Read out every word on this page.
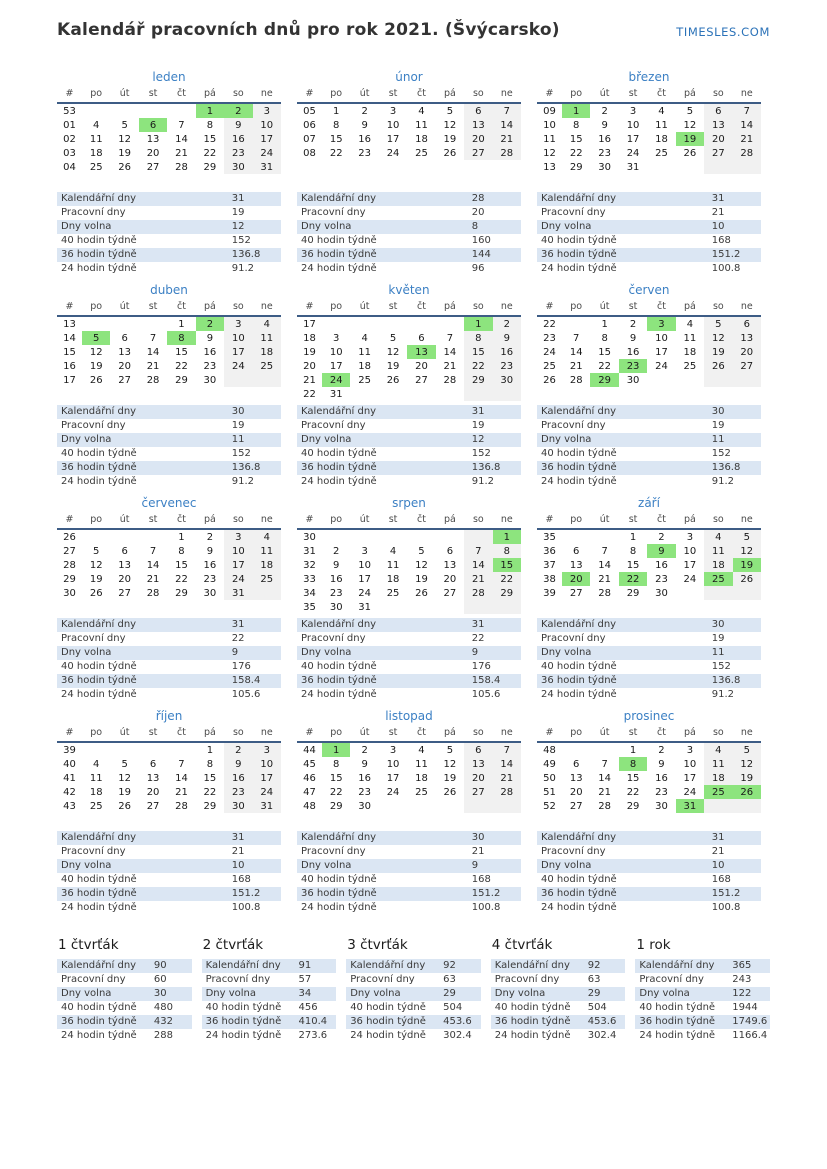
Kalendář pracovních dnů pro rok 2021. (Švýcarsko)	TIMESLES.COM
leden
#	po	út	st	čt	pá	so	ne
53					1	2	3
01	4	5	6	7	8	9	10
02	11	12	13	14	15	16	17
03	18	19	20	21	22	23	24
04	25	26	27	28	29	30	31
Kalendářní dny	31
Pracovní dny	19
Dny volna	12
40 hodin týdně	152
36 hodin týdně	136.8
24 hodin týdně	91.2
únor
#	po	út	st	čt	pá	so	ne
05	1	2	3	4	5	6	7
06	8	9	10	11	12	13	14
07	15	16	17	18	19	20	21
08	22	23	24	25	26	27	28
Kalendářní dny	28
Pracovní dny	20
Dny volna	8
40 hodin týdně	160
36 hodin týdně	144
24 hodin týdně	96
březen
#	po	út	st	čt	pá	so	ne
09	1	2	3	4	5	6	7
10	8	9	10	11	12	13	14
11	15	16	17	18	19	20	21
12	22	23	24	25	26	27	28
13	29	30	31				
Kalendářní dny	31
Pracovní dny	21
Dny volna	10
40 hodin týdně	168
36 hodin týdně	151.2
24 hodin týdně	100.8
duben
#	po	út	st	čt	pá	so	ne
13				1	2	3	4
14	5	6	7	8	9	10	11
15	12	13	14	15	16	17	18
16	19	20	21	22	23	24	25
17	26	27	28	29	30		
Kalendářní dny	30
Pracovní dny	19
Dny volna	11
40 hodin týdně	152
36 hodin týdně	136.8
24 hodin týdně	91.2
květen
#	po	út	st	čt	pá	so	ne
17						1	2
18	3	4	5	6	7	8	9
19	10	11	12	13	14	15	16
20	17	18	19	20	21	22	23
21	24	25	26	27	28	29	30
22	31						
Kalendářní dny	31
Pracovní dny	19
Dny volna	12
40 hodin týdně	152
36 hodin týdně	136.8
24 hodin týdně	91.2
červen
#	po	út	st	čt	pá	so	ne
22		1	2	3	4	5	6
23	7	8	9	10	11	12	13
24	14	15	16	17	18	19	20
25	21	22	23	24	25	26	27
26	28	29	30				
Kalendářní dny	30
Pracovní dny	19
Dny volna	11
40 hodin týdně	152
36 hodin týdně	136.8
24 hodin týdně	91.2
červenec
#	po	út	st	čt	pá	so	ne
26				1	2	3	4
27	5	6	7	8	9	10	11
28	12	13	14	15	16	17	18
29	19	20	21	22	23	24	25
30	26	27	28	29	30	31	
Kalendářní dny	31
Pracovní dny	22
Dny volna	9
40 hodin týdně	176
36 hodin týdně	158.4
24 hodin týdně	105.6
srpen
#	po	út	st	čt	pá	so	ne
30							1
31	2	3	4	5	6	7	8
32	9	10	11	12	13	14	15
33	16	17	18	19	20	21	22
34	23	24	25	26	27	28	29
35	30	31					
Kalendářní dny	31
Pracovní dny	22
Dny volna	9
40 hodin týdně	176
36 hodin týdně	158.4
24 hodin týdně	105.6
září
#	po	út	st	čt	pá	so	ne
35			1	2	3	4	5
36	6	7	8	9	10	11	12
37	13	14	15	16	17	18	19
38	20	21	22	23	24	25	26
39	27	28	29	30			
Kalendářní dny	30
Pracovní dny	19
Dny volna	11
40 hodin týdně	152
36 hodin týdně	136.8
24 hodin týdně	91.2
říjen
#	po	út	st	čt	pá	so	ne
39					1	2	3
40	4	5	6	7	8	9	10
41	11	12	13	14	15	16	17
42	18	19	20	21	22	23	24
43	25	26	27	28	29	30	31
Kalendářní dny	31
Pracovní dny	21
Dny volna	10
40 hodin týdně	168
36 hodin týdně	151.2
24 hodin týdně	100.8
listopad
#	po	út	st	čt	pá	so	ne
44	1	2	3	4	5	6	7
45	8	9	10	11	12	13	14
46	15	16	17	18	19	20	21
47	22	23	24	25	26	27	28
48	29	30					
Kalendářní dny	30
Pracovní dny	21
Dny volna	9
40 hodin týdně	168
36 hodin týdně	151.2
24 hodin týdně	100.8
prosinec
#	po	út	st	čt	pá	so	ne
48			1	2	3	4	5
49	6	7	8	9	10	11	12
50	13	14	15	16	17	18	19
51	20	21	22	23	24	25	26
52	27	28	29	30	31		
Kalendářní dny	31
Pracovní dny	21
Dny volna	10
40 hodin týdně	168
36 hodin týdně	151.2
24 hodin týdně	100.8
1 čtvrťák
Kalendářní dny	90
Pracovní dny	60
Dny volna	30
40 hodin týdně	480
36 hodin týdně	432
24 hodin týdně	288
2 čtvrťák
Kalendářní dny	91
Pracovní dny	57
Dny volna	34
40 hodin týdně	456
36 hodin týdně	410.4
24 hodin týdně	273.6
3 čtvrťák
Kalendářní dny	92
Pracovní dny	63
Dny volna	29
40 hodin týdně	504
36 hodin týdně	453.6
24 hodin týdně	302.4
4 čtvrťák
Kalendářní dny	92
Pracovní dny	63
Dny volna	29
40 hodin týdně	504
36 hodin týdně	453.6
24 hodin týdně	302.4
1 rok
Kalendářní dny	365
Pracovní dny	243
Dny volna	122
40 hodin týdně	1944
36 hodin týdně	1749.6
24 hodin týdně	1166.4
